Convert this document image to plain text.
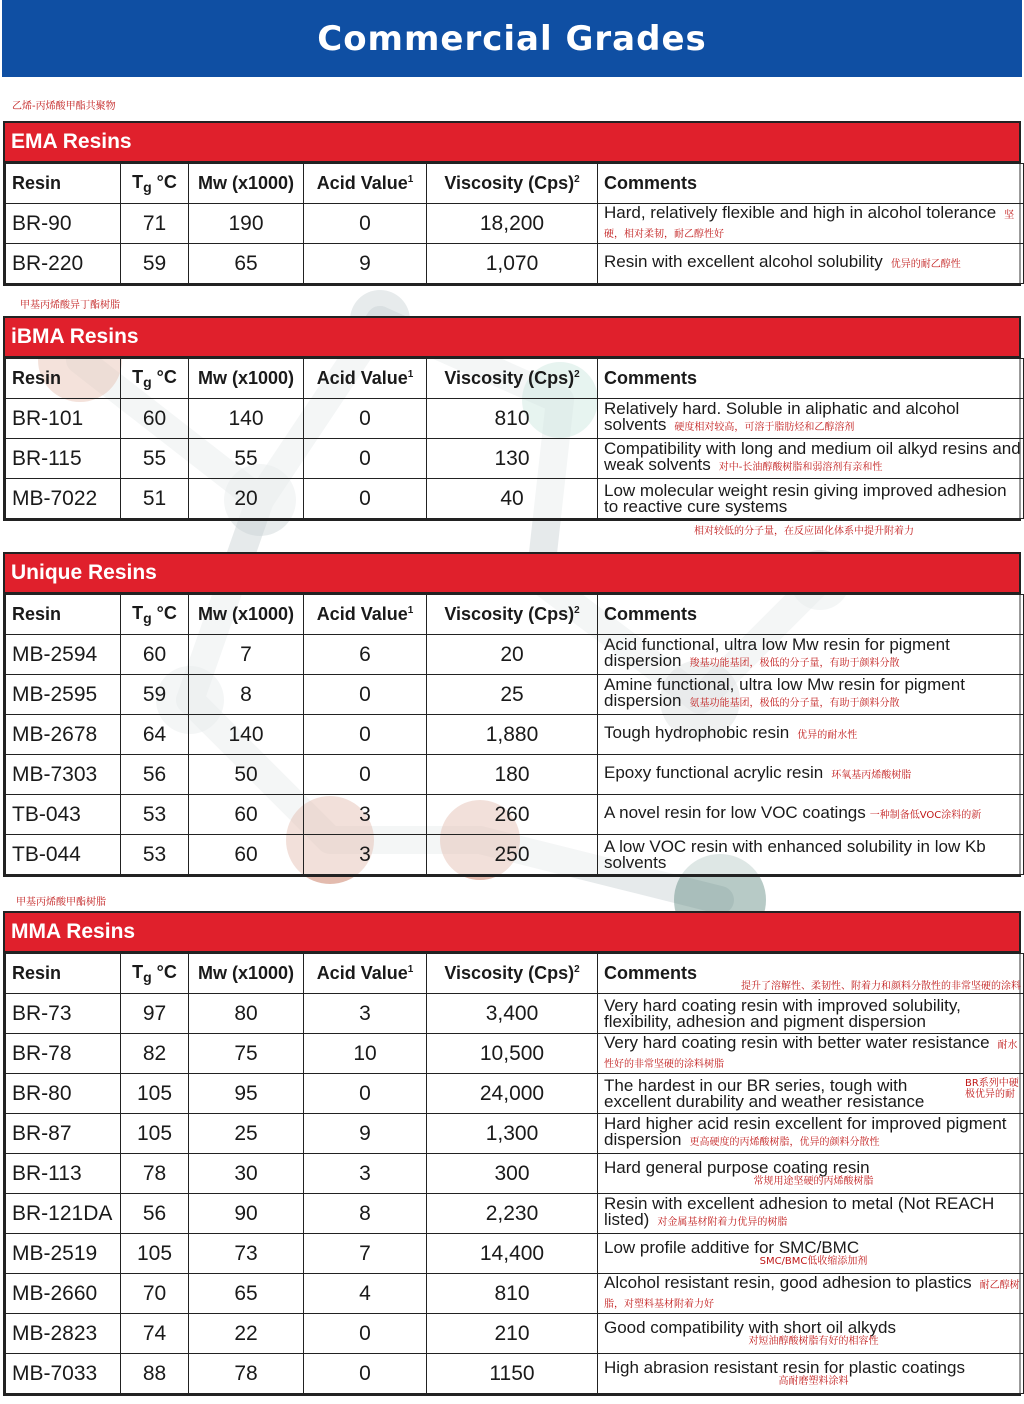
Commercial Grades
乙烯-丙烯酸甲酯共聚物
EMA Resins
Resin	$T_g$ °C	Mw (x1000)	Acid Value$^1$	Viscosity (Cps)$^2$	Comments
BR-90	71	190	0	18,200	Hard, relatively flexible and high in alcohol tolerance 坚硬，相对柔韧，耐乙醇性好
BR-220	59	65	9	1,070	Resin with excellent alcohol solubility 优异的耐乙醇性
甲基丙烯酸异丁酯树脂
iBMA Resins
Resin	$T_g$ °C	Mw (x1000)	Acid Value$^1$	Viscosity (Cps)$^2$	Comments
BR-101	60	140	0	810	Relatively hard. Soluble in aliphatic and alcohol solvents 硬度相对较高，可溶于脂肪烃和乙醇溶剂
BR-115	55	55	0	130	Compatibility with long and medium oil alkyd resins and weak solvents 对中-长油醇酸树脂和弱溶剂有亲和性
MB-7022	51	20	0	40	Low molecular weight resin giving improved adhesion to reactive cure systems
相对较低的分子量，在反应固化体系中提升附着力
Unique Resins
Resin	$T_g$ °C	Mw (x1000)	Acid Value$^1$	Viscosity (Cps)$^2$	Comments
MB-2594	60	7	6	20	Acid functional, ultra low Mw resin for pigment dispersion 羧基功能基团，极低的分子量，有助于颜料分散
MB-2595	59	8	0	25	Amine functional, ultra low Mw resin for pigment dispersion 氨基功能基团，极低的分子量，有助于颜料分散
MB-2678	64	140	0	1,880	Tough hydrophobic resin 优异的耐水性
MB-7303	56	50	0	180	Epoxy functional acrylic resin 环氧基丙烯酸树脂
TB-043	53	60	3	260	A novel resin for low VOC coatings 一种制备低VOC涂料的新
TB-044	53	60	3	250	A low VOC resin with enhanced solubility in low Kb solvents
甲基丙烯酸甲酯树脂
MMA Resins
Resin	$T_g$ °C	Mw (x1000)	Acid Value$^1$	Viscosity (Cps)$^2$	Comments
提升了溶解性、柔韧性、附着力和颜料分散性的非常坚硬的涂料

BR-73	97	80	3	3,400	Very hard coating resin with improved solubility, flexibility, adhesion and pigment dispersion
BR-78	82	75	10	10,500	Very hard coating resin with better water resistance 耐水性好的非常坚硬的涂料树脂
BR-80	105	95	0	24,000	The hardest in our BR series, tough with excellent durability and weather resistance
BR系列中硬 极优异的耐

BR-87	105	25	9	1,300	Hard higher acid resin excellent for improved pigment dispersion 更高硬度的丙烯酸树脂，优异的颜料分散性
BR-113	78	30	3	300	Hard general purpose coating resin
常规用途坚硬的丙烯酸树脂

BR-121DA	56	90	8	2,230	Resin with excellent adhesion to metal (Not REACH listed) 对金属基材附着力优异的树脂
MB-2519	105	73	7	14,400	Low profile additive for SMC/BMC
SMC/BMC低收缩添加剂

MB-2660	70	65	4	810	Alcohol resistant resin, good adhesion to plastics 耐乙醇树脂，对塑料基材附着力好
MB-2823	74	22	0	210	Good compatibility with short oil alkyds
对短油醇酸树脂有好的相容性

MB-7033	88	78	0	1150	High abrasion resistant resin for plastic coatings
高耐磨塑料涂料
